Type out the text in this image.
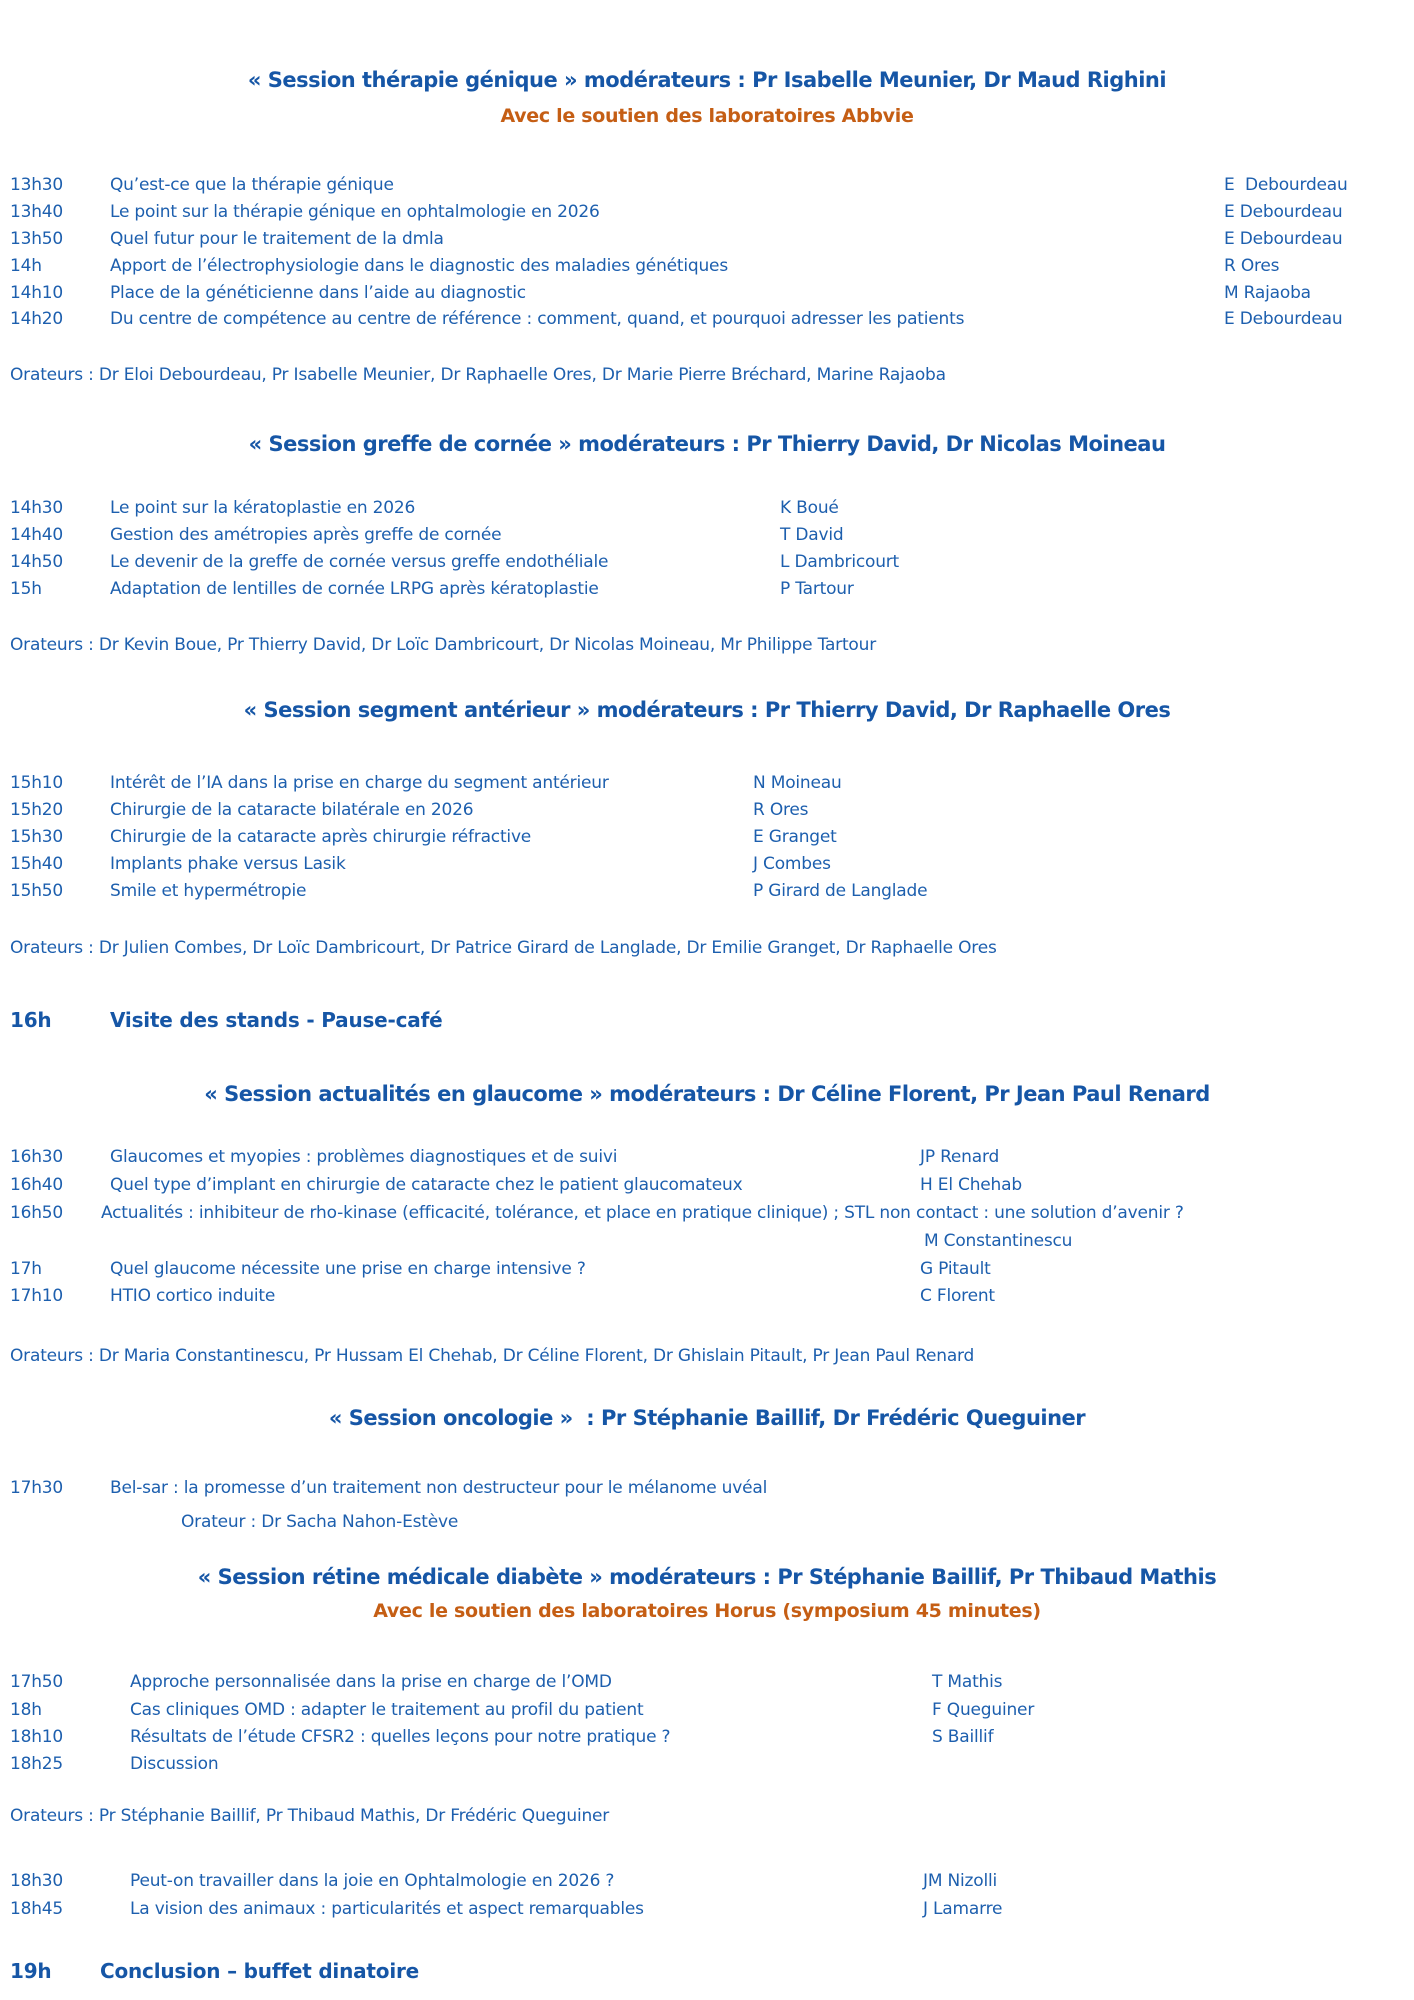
« Session thérapie génique » modérateurs : Pr Isabelle Meunier, Dr Maud Righini
Avec le soutien des laboratoires Abbvie
13h30	Qu’est-ce que la thérapie génique	E  Debourdeau
13h40	Le point sur la thérapie génique en ophtalmologie en 2026	E Debourdeau
13h50	Quel futur pour le traitement de la dmla	E Debourdeau
14h	Apport de l’électrophysiologie dans le diagnostic des maladies génétiques	R Ores
14h10	Place de la généticienne dans l’aide au diagnostic	M Rajaoba
14h20	Du centre de compétence au centre de référence : comment, quand, et pourquoi adresser les patients	E Debourdeau
Orateurs : Dr Eloi Debourdeau, Pr Isabelle Meunier, Dr Raphaelle Ores, Dr Marie Pierre Bréchard, Marine Rajaoba
« Session greffe de cornée » modérateurs : Pr Thierry David, Dr Nicolas Moineau
14h30	Le point sur la kératoplastie en 2026	K Boué
14h40	Gestion des amétropies après greffe de cornée	T David
14h50	Le devenir de la greffe de cornée versus greffe endothéliale	L Dambricourt
15h	Adaptation de lentilles de cornée LRPG après kératoplastie	P Tartour
Orateurs : Dr Kevin Boue, Pr Thierry David, Dr Loïc Dambricourt, Dr Nicolas Moineau, Mr Philippe Tartour
« Session segment antérieur » modérateurs : Pr Thierry David, Dr Raphaelle Ores
15h10	Intérêt de l’IA dans la prise en charge du segment antérieur	N Moineau
15h20	Chirurgie de la cataracte bilatérale en 2026	R Ores
15h30	Chirurgie de la cataracte après chirurgie réfractive	E Granget
15h40	Implants phake versus Lasik	J Combes
15h50	Smile et hypermétropie	P Girard de Langlade
Orateurs : Dr Julien Combes, Dr Loïc Dambricourt, Dr Patrice Girard de Langlade, Dr Emilie Granget, Dr Raphaelle Ores
16h	Visite des stands - Pause-café
« Session actualités en glaucome » modérateurs : Dr Céline Florent, Pr Jean Paul Renard
16h30	Glaucomes et myopies : problèmes diagnostiques et de suivi	JP Renard
16h40	Quel type d’implant en chirurgie de cataracte chez le patient glaucomateux	H El Chehab
16h50 Actualités : inhibiteur de rho-kinase (efficacité, tolérance, et place en pratique clinique) ; STL non contact : une solution d’avenir ?
M Constantinescu
17h	Quel glaucome nécessite une prise en charge intensive ?	G Pitault
17h10	HTIO cortico induite	C Florent
Orateurs : Dr Maria Constantinescu, Pr Hussam El Chehab, Dr Céline Florent, Dr Ghislain Pitault, Pr Jean Paul Renard
« Session oncologie »  : Pr Stéphanie Baillif, Dr Frédéric Queguiner
17h30	Bel-sar : la promesse d’un traitement non destructeur pour le mélanome uvéal
Orateur : Dr Sacha Nahon-Estève
« Session rétine médicale diabète » modérateurs : Pr Stéphanie Baillif, Pr Thibaud Mathis
Avec le soutien des laboratoires Horus (symposium 45 minutes)
17h50	Approche personnalisée dans la prise en charge de l’OMD	T Mathis
18h	Cas cliniques OMD : adapter le traitement au profil du patient	F Queguiner
18h10	Résultats de l’étude CFSR2 : quelles leçons pour notre pratique ?	S Baillif
18h25	Discussion
Orateurs : Pr Stéphanie Baillif, Pr Thibaud Mathis, Dr Frédéric Queguiner
18h30	Peut-on travailler dans la joie en Ophtalmologie en 2026 ?	JM Nizolli
18h45	La vision des animaux : particularités et aspect remarquables	J Lamarre
19h Conclusion – buffet dinatoire
